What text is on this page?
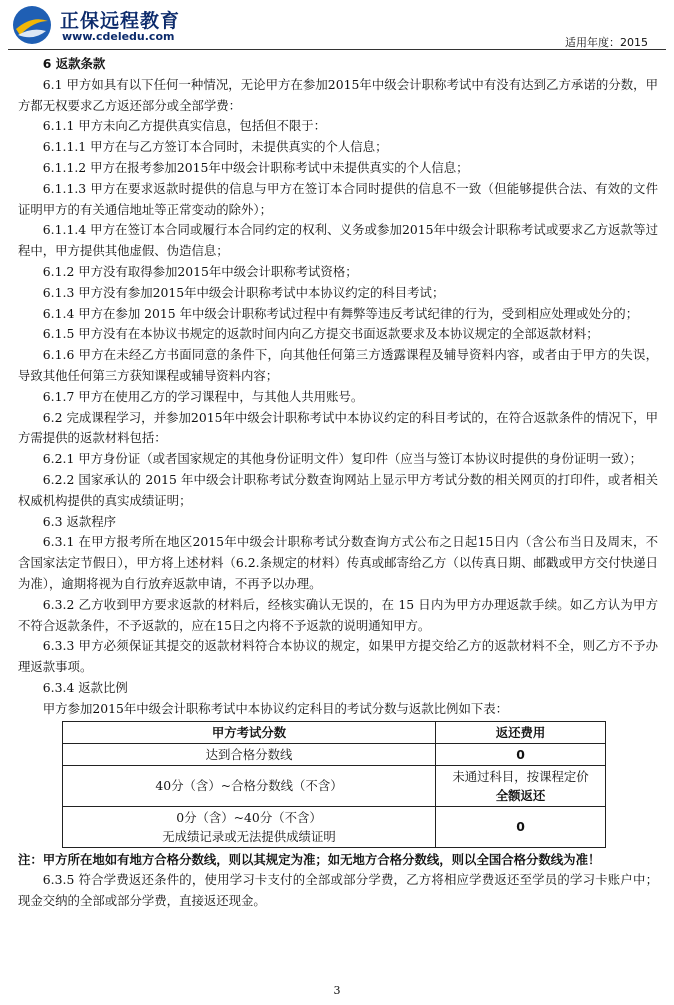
正保远程教育
www.cdeledu.com	适用年度：2015

6 返款条款

6.1 甲方如具有以下任何一种情况，无论甲方在参加2015年中级会计职称考试中有没有达到乙方承诺的分数，甲方都无权要求乙方返还部分或全部学费：

6.1.1 甲方未向乙方提供真实信息，包括但不限于：

6.1.1.1 甲方在与乙方签订本合同时，未提供真实的个人信息；

6.1.1.2 甲方在报考参加2015年中级会计职称考试中未提供真实的个人信息；

6.1.1.3 甲方在要求返款时提供的信息与甲方在签订本合同时提供的信息不一致（但能够提供合法、有效的文件证明甲方的有关通信地址等正常变动的除外）；

6.1.1.4 甲方在签订本合同或履行本合同约定的权利、义务或参加2015年中级会计职称考试或要求乙方返款等过程中，甲方提供其他虚假、伪造信息；

6.1.2 甲方没有取得参加2015年中级会计职称考试资格；

6.1.3 甲方没有参加2015年中级会计职称考试中本协议约定的科目考试；

6.1.4 甲方在参加 2015 年中级会计职称考试过程中有舞弊等违反考试纪律的行为，受到相应处理或处分的；

6.1.5 甲方没有在本协议书规定的返款时间内向乙方提交书面返款要求及本协议规定的全部返款材料；

6.1.6 甲方在未经乙方书面同意的条件下，向其他任何第三方透露课程及辅导资料内容，或者由于甲方的失误，导致其他任何第三方获知课程或辅导资料内容；

6.1.7 甲方在使用乙方的学习课程中，与其他人共用账号。

6.2 完成课程学习，并参加2015年中级会计职称考试中本协议约定的科目考试的，在符合返款条件的情况下，甲方需提供的返款材料包括：

6.2.1 甲方身份证（或者国家规定的其他身份证明文件）复印件（应当与签订本协议时提供的身份证明一致）；

6.2.2 国家承认的 2015 年中级会计职称考试分数查询网站上显示甲方考试分数的相关网页的打印件，或者相关权威机构提供的真实成绩证明；

6.3 返款程序

6.3.1 在甲方报考所在地区2015年中级会计职称考试分数查询方式公布之日起15日内（含公布当日及周末，不含国家法定节假日），甲方将上述材料（6.2.条规定的材料）传真或邮寄给乙方（以传真日期、邮戳或甲方交付快递日为准），逾期将视为自行放弃返款申请，不再予以办理。

6.3.2 乙方收到甲方要求返款的材料后，经核实确认无误的，在 15 日内为甲方办理返款手续。如乙方认为甲方不符合返款条件，不予返款的，应在15日之内将不予返款的说明通知甲方。

6.3.3 甲方必须保证其提交的返款材料符合本协议的规定，如果甲方提交给乙方的返款材料不全，则乙方不予办理返款事项。

6.3.4 返款比例

甲方参加2015年中级会计职称考试中本协议约定科目的考试分数与返款比例如下表：

甲方考试分数	返还费用
达到合格分数线	0
40分（含）~合格分数线（不含）	未通过科目，按课程定价
全额返还

0分（含）~40分（不含）
无成绩记录或无法提供成绩证明	0

注：甲方所在地如有地方合格分数线，则以其规定为准；如无地方合格分数线，则以全国合格分数线为准！

6.3.5 符合学费返还条件的，使用学习卡支付的全部或部分学费，乙方将相应学费返还至学员的学习卡账户中；现金交纳的全部或部分学费，直接返还现金。

3
